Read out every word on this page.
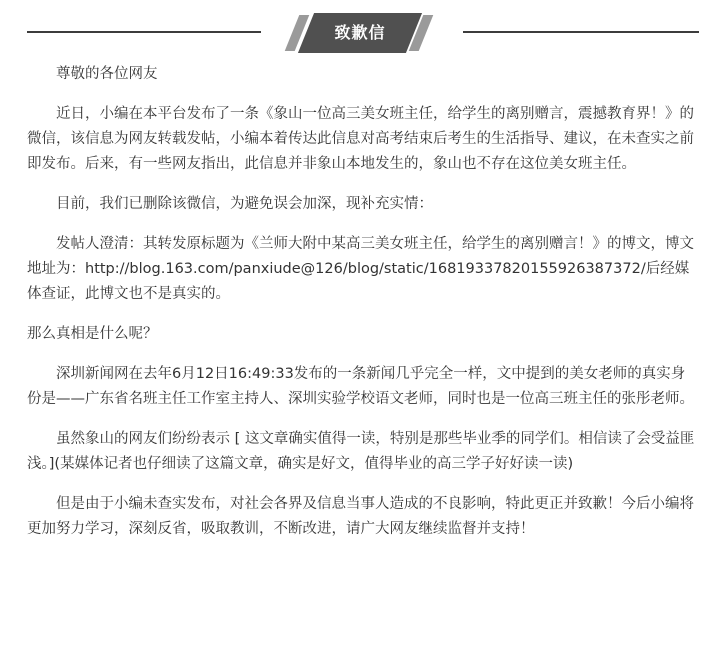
致歉信

尊敬的各位网友

近日，小编在本平台发布了一条《象山一位高三美女班主任，给学生的离别赠言，震撼教育界！》的微信，该信息为网友转载发帖，小编本着传达此信息对高考结束后考生的生活指导、建议，在未查实之前即发布。后来，有一些网友指出，此信息并非象山本地发生的，象山也不存在这位美女班主任。

目前，我们已删除该微信，为避免误会加深，现补充实情：

发帖人澄清：其转发原标题为《兰师大附中某高三美女班主任，给学生的离别赠言！》的博文，博文地址为：http://blog.163.com/panxiude@126/blog/static/16819337820155926387372/后经媒体查证，此博文也不是真实的。

那么真相是什么呢？

深圳新闻网在去年6月12日16:49:33发布的一条新闻几乎完全一样，文中提到的美女老师的真实身份是——广东省名班主任工作室主持人、深圳实验学校语文老师，同时也是一位高三班主任的张彤老师。

虽然象山的网友们纷纷表示 [ 这文章确实值得一读，特别是那些毕业季的同学们。相信读了会受益匪浅。](某媒体记者也仔细读了这篇文章，确实是好文，值得毕业的高三学子好好读一读)

但是由于小编未查实发布，对社会各界及信息当事人造成的不良影响，特此更正并致歉！今后小编将更加努力学习，深刻反省，吸取教训，不断改进，请广大网友继续监督并支持！
